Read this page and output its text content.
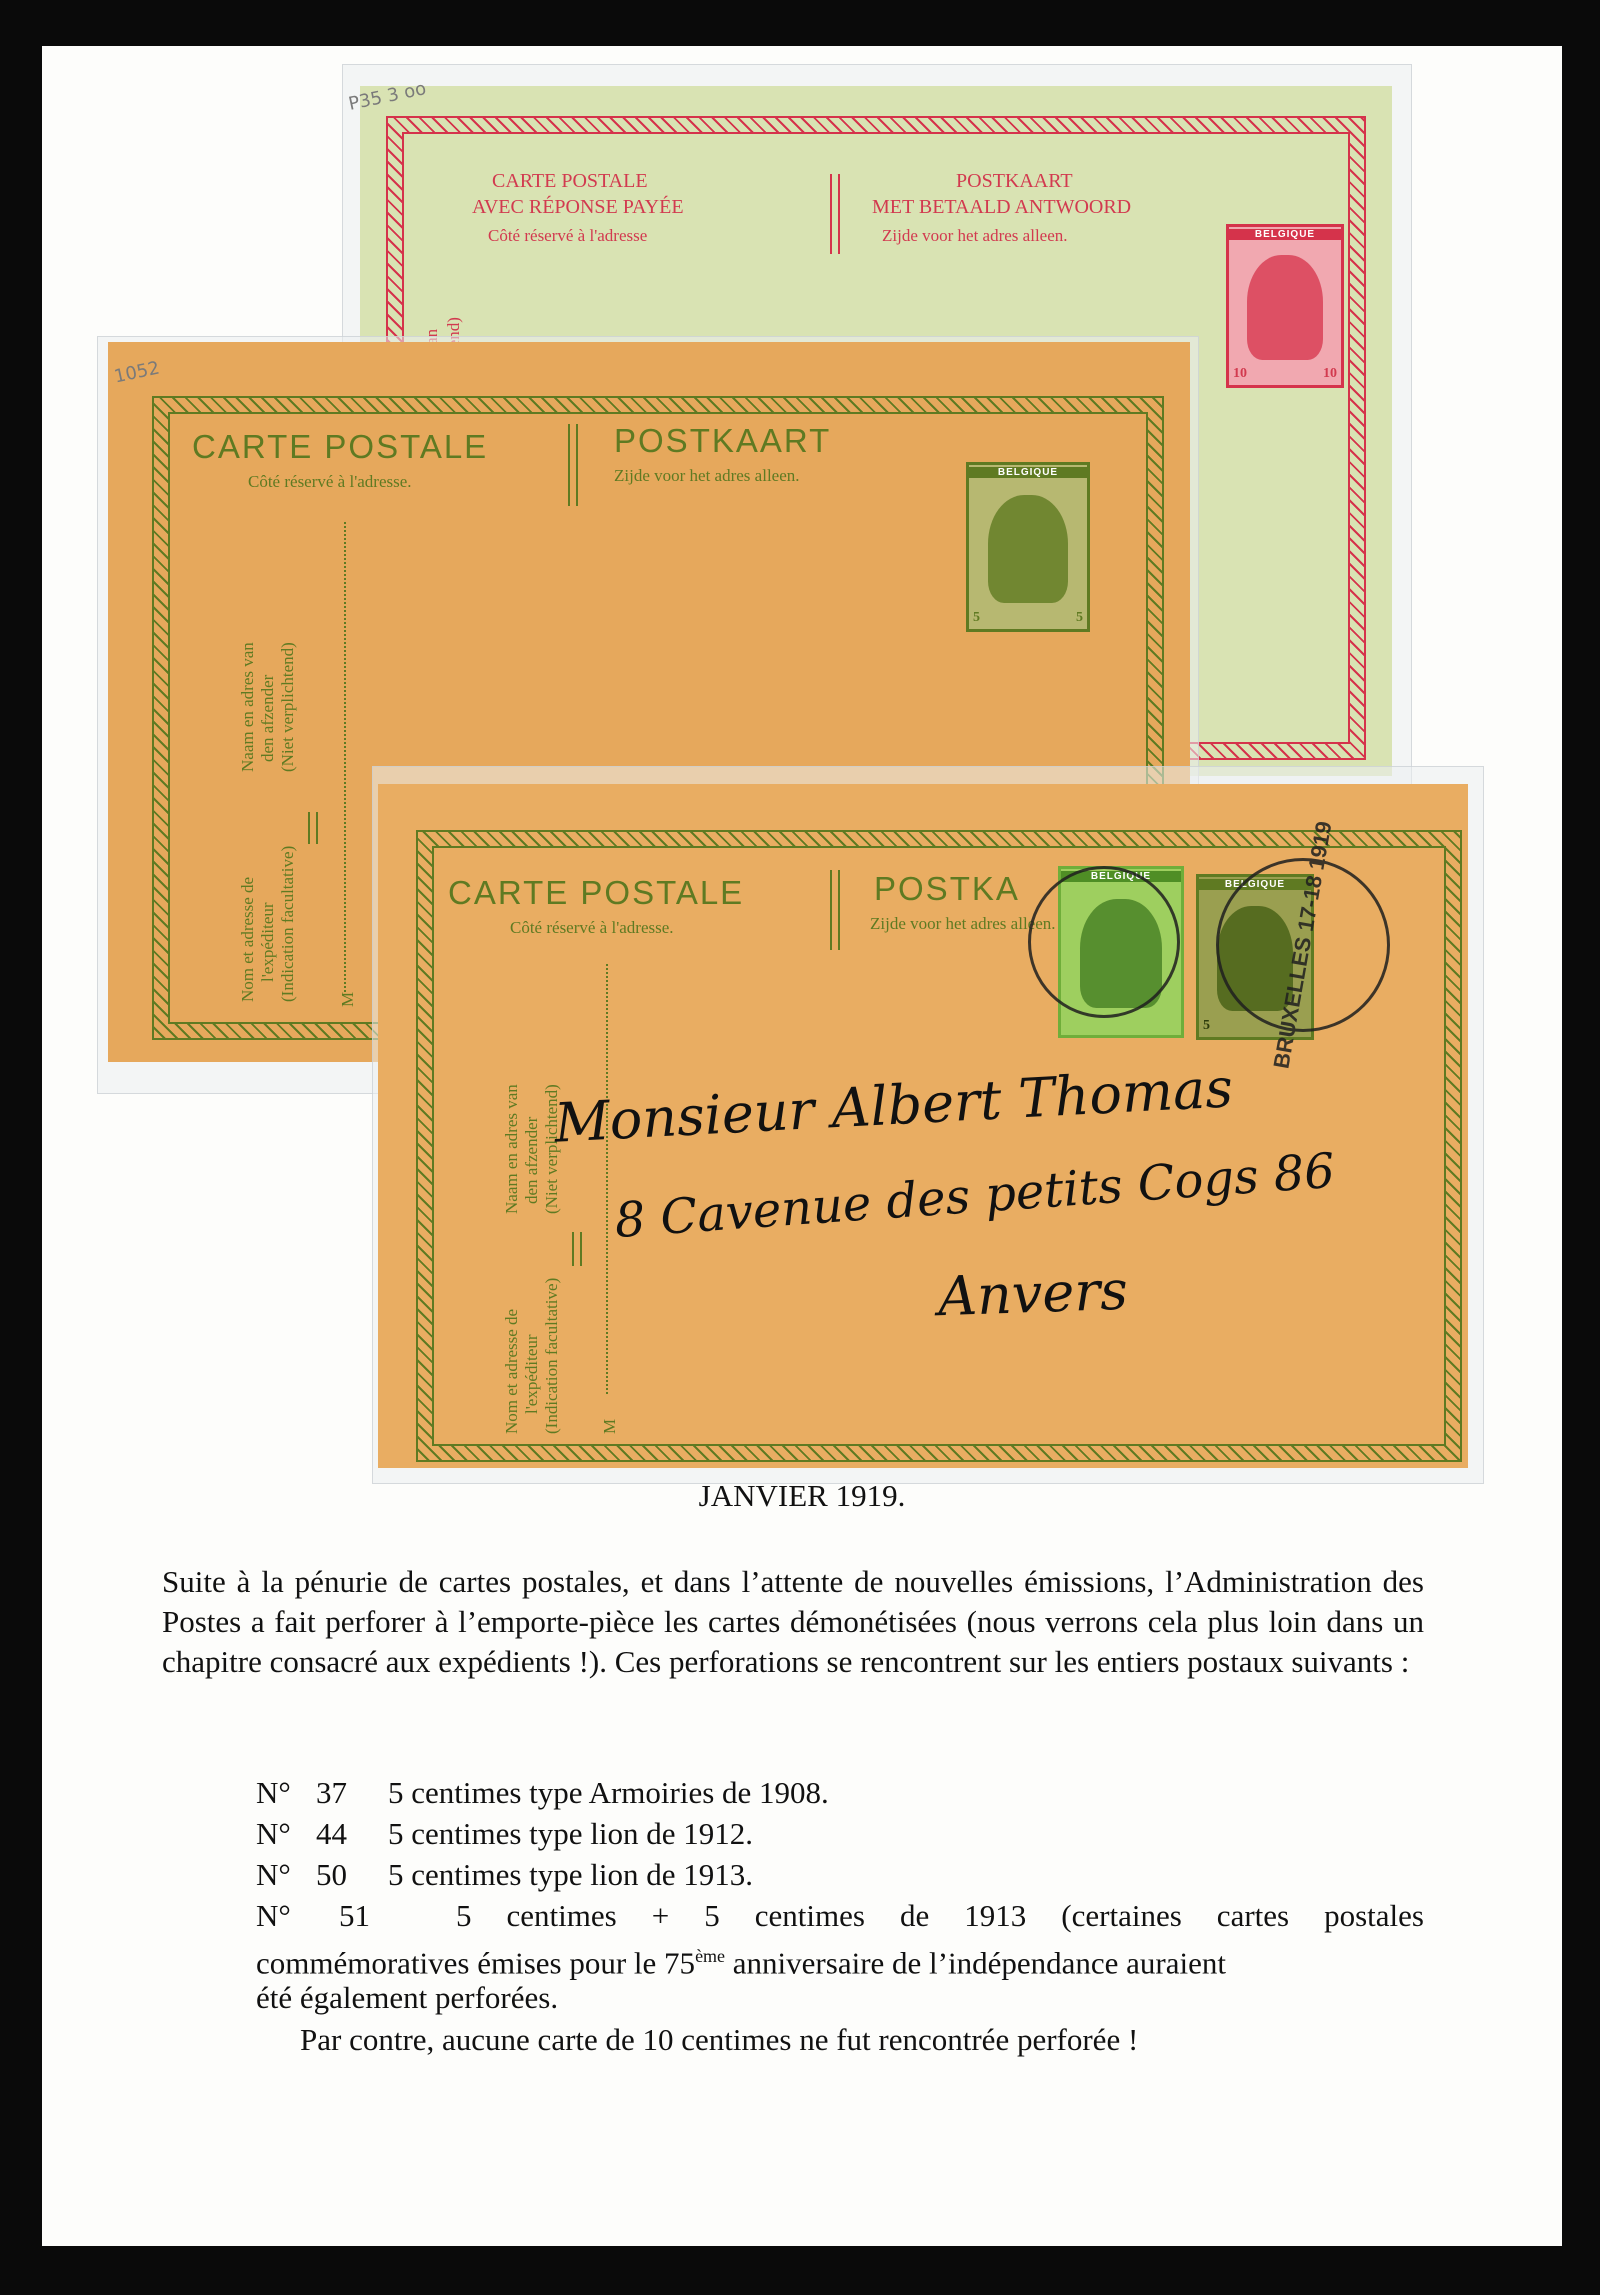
CARTE POSTALE
AVEC RÉPONSE PAYÉE
Côté réservé à l'adresse
POSTKAART
MET BETAALD ANTWOORD
Zijde voor het adres alleen.	BELGIQUE
10	10
P35 3 oo
CARTE POSTALE
Côté réservé à l'adresse.
POSTKAART
Zijde voor het adres alleen.
Naam en adres van den afzender (Niet verplichtend)
Nom et adresse de l'expéditeur (Indication facultative) M
BELGIQUE
5	5
1052
CARTE POSTALE
Côté réservé à l'adresse.
POSTKA
Zijde voor het adres alleen.
Naam en adres van den afzender (Niet verplichtend)
Nom et adresse de l'expéditeur (Indication facultative) M
BELGIQUE
BELGIQUE
5	BRUXELLES 17-18 1919
Monsieur Albert Thomas
8 Cavenue des petits Cogs 86
Anvers
JANVIER 1919.
Suite à la pénurie de cartes postales, et dans l’attente de nouvelles émissions, l’Administration des Postes a fait perforer à l’emporte-pièce les cartes démonétisées (nous verrons cela plus loin dans un chapitre consacré aux expédients !). Ces perforations se rencontrent sur les entiers postaux suivants :
N° 37 5 centimes type Armoiries de 1908.
N° 44 5 centimes type lion de 1912.
N° 50 5 centimes type lion de 1913.
N° 51	5 centimes + 5 centimes de 1913 (certaines cartes postales
commémoratives émises pour le 75ème anniversaire de l’indépendance auraient
été également perforées.
Par contre, aucune carte de 10 centimes ne fut rencontrée perforée !
